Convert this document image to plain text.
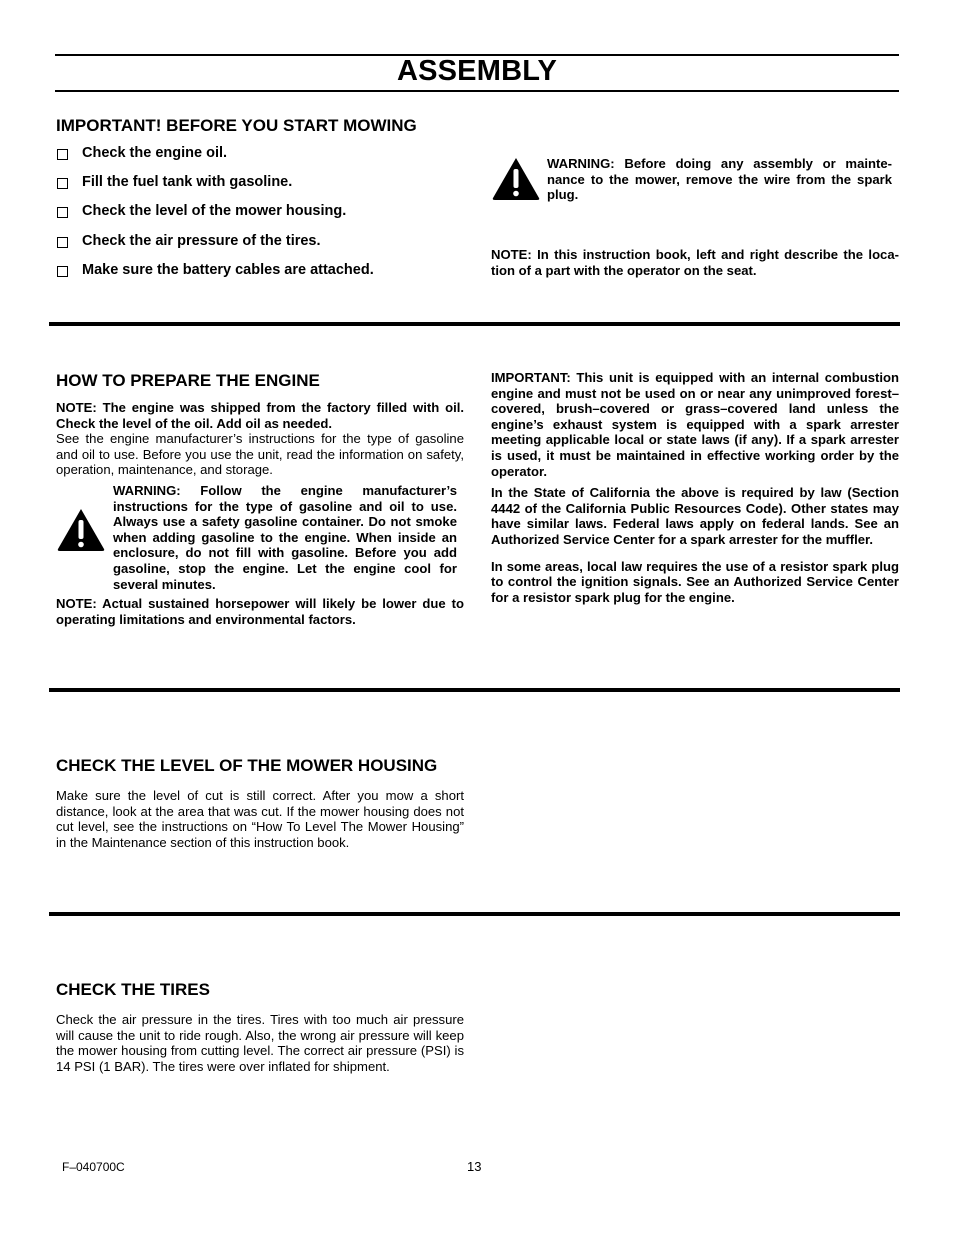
ASSEMBLY
IMPORTANT! BEFORE YOU START MOWING
Check the engine oil.
Fill the fuel tank with gasoline.
Check the level of the mower housing.
Check the air pressure of the tires.
Make sure the battery cables are attached.

WARNING: Before doing any assembly or mainte- nance to the mower, remove the wire from the spark plug.

NOTE: In this instruction book, left and right describe the loca- tion of a part with the operator on the seat.

HOW TO PREPARE THE ENGINE

NOTE: The engine was shipped from the factory filled with oil. Check the level of the oil. Add oil as needed.

See the engine manufacturer’s instructions for the type of gasoline and oil to use. Before you use the unit, read the information on safety, operation, maintenance, and storage.

WARNING: Follow the engine manufacturer’s instructions for the type of gasoline and oil to use. Always use a safety gasoline container. Do not smoke when adding gasoline to the engine. When inside an enclosure, do not fill with gasoline. Before you add gasoline, stop the engine. Let the engine cool for several minutes.

NOTE: Actual sustained horsepower will likely be lower due to operating limitations and environmental factors.

IMPORTANT: This unit is equipped with an internal combustion engine and must not be used on or near any unimproved forest–covered, brush–covered or grass–covered land unless the engine’s exhaust system is equipped with a spark arrester meeting applicable local or state laws (if any). If a spark arrester is used, it must be maintained in effective working order by the operator.

In the State of California the above is required by law (Section 4442 of the California Public Resources Code). Other states may have similar laws. Federal laws apply on federal lands. See an Authorized Service Center for a spark arrester for the muffler.

In some areas, local law requires the use of a resistor spark plug to control the ignition signals. See an Authorized Service Center for a resistor spark plug for the engine.

CHECK THE LEVEL OF THE MOWER HOUSING

Make sure the level of cut is still correct. After you mow a short distance, look at the area that was cut. If the mower housing does not cut level, see the instructions on “How To Level The Mower Housing” in the Maintenance section of this instruction book.

CHECK THE TIRES

Check the air pressure in the tires. Tires with too much air pressure will cause the unit to ride rough. Also, the wrong air pressure will keep the mower housing from cutting level. The correct air pressure (PSI) is 14 PSI (1 BAR). The tires were over inflated for shipment.

F–040700C	13
